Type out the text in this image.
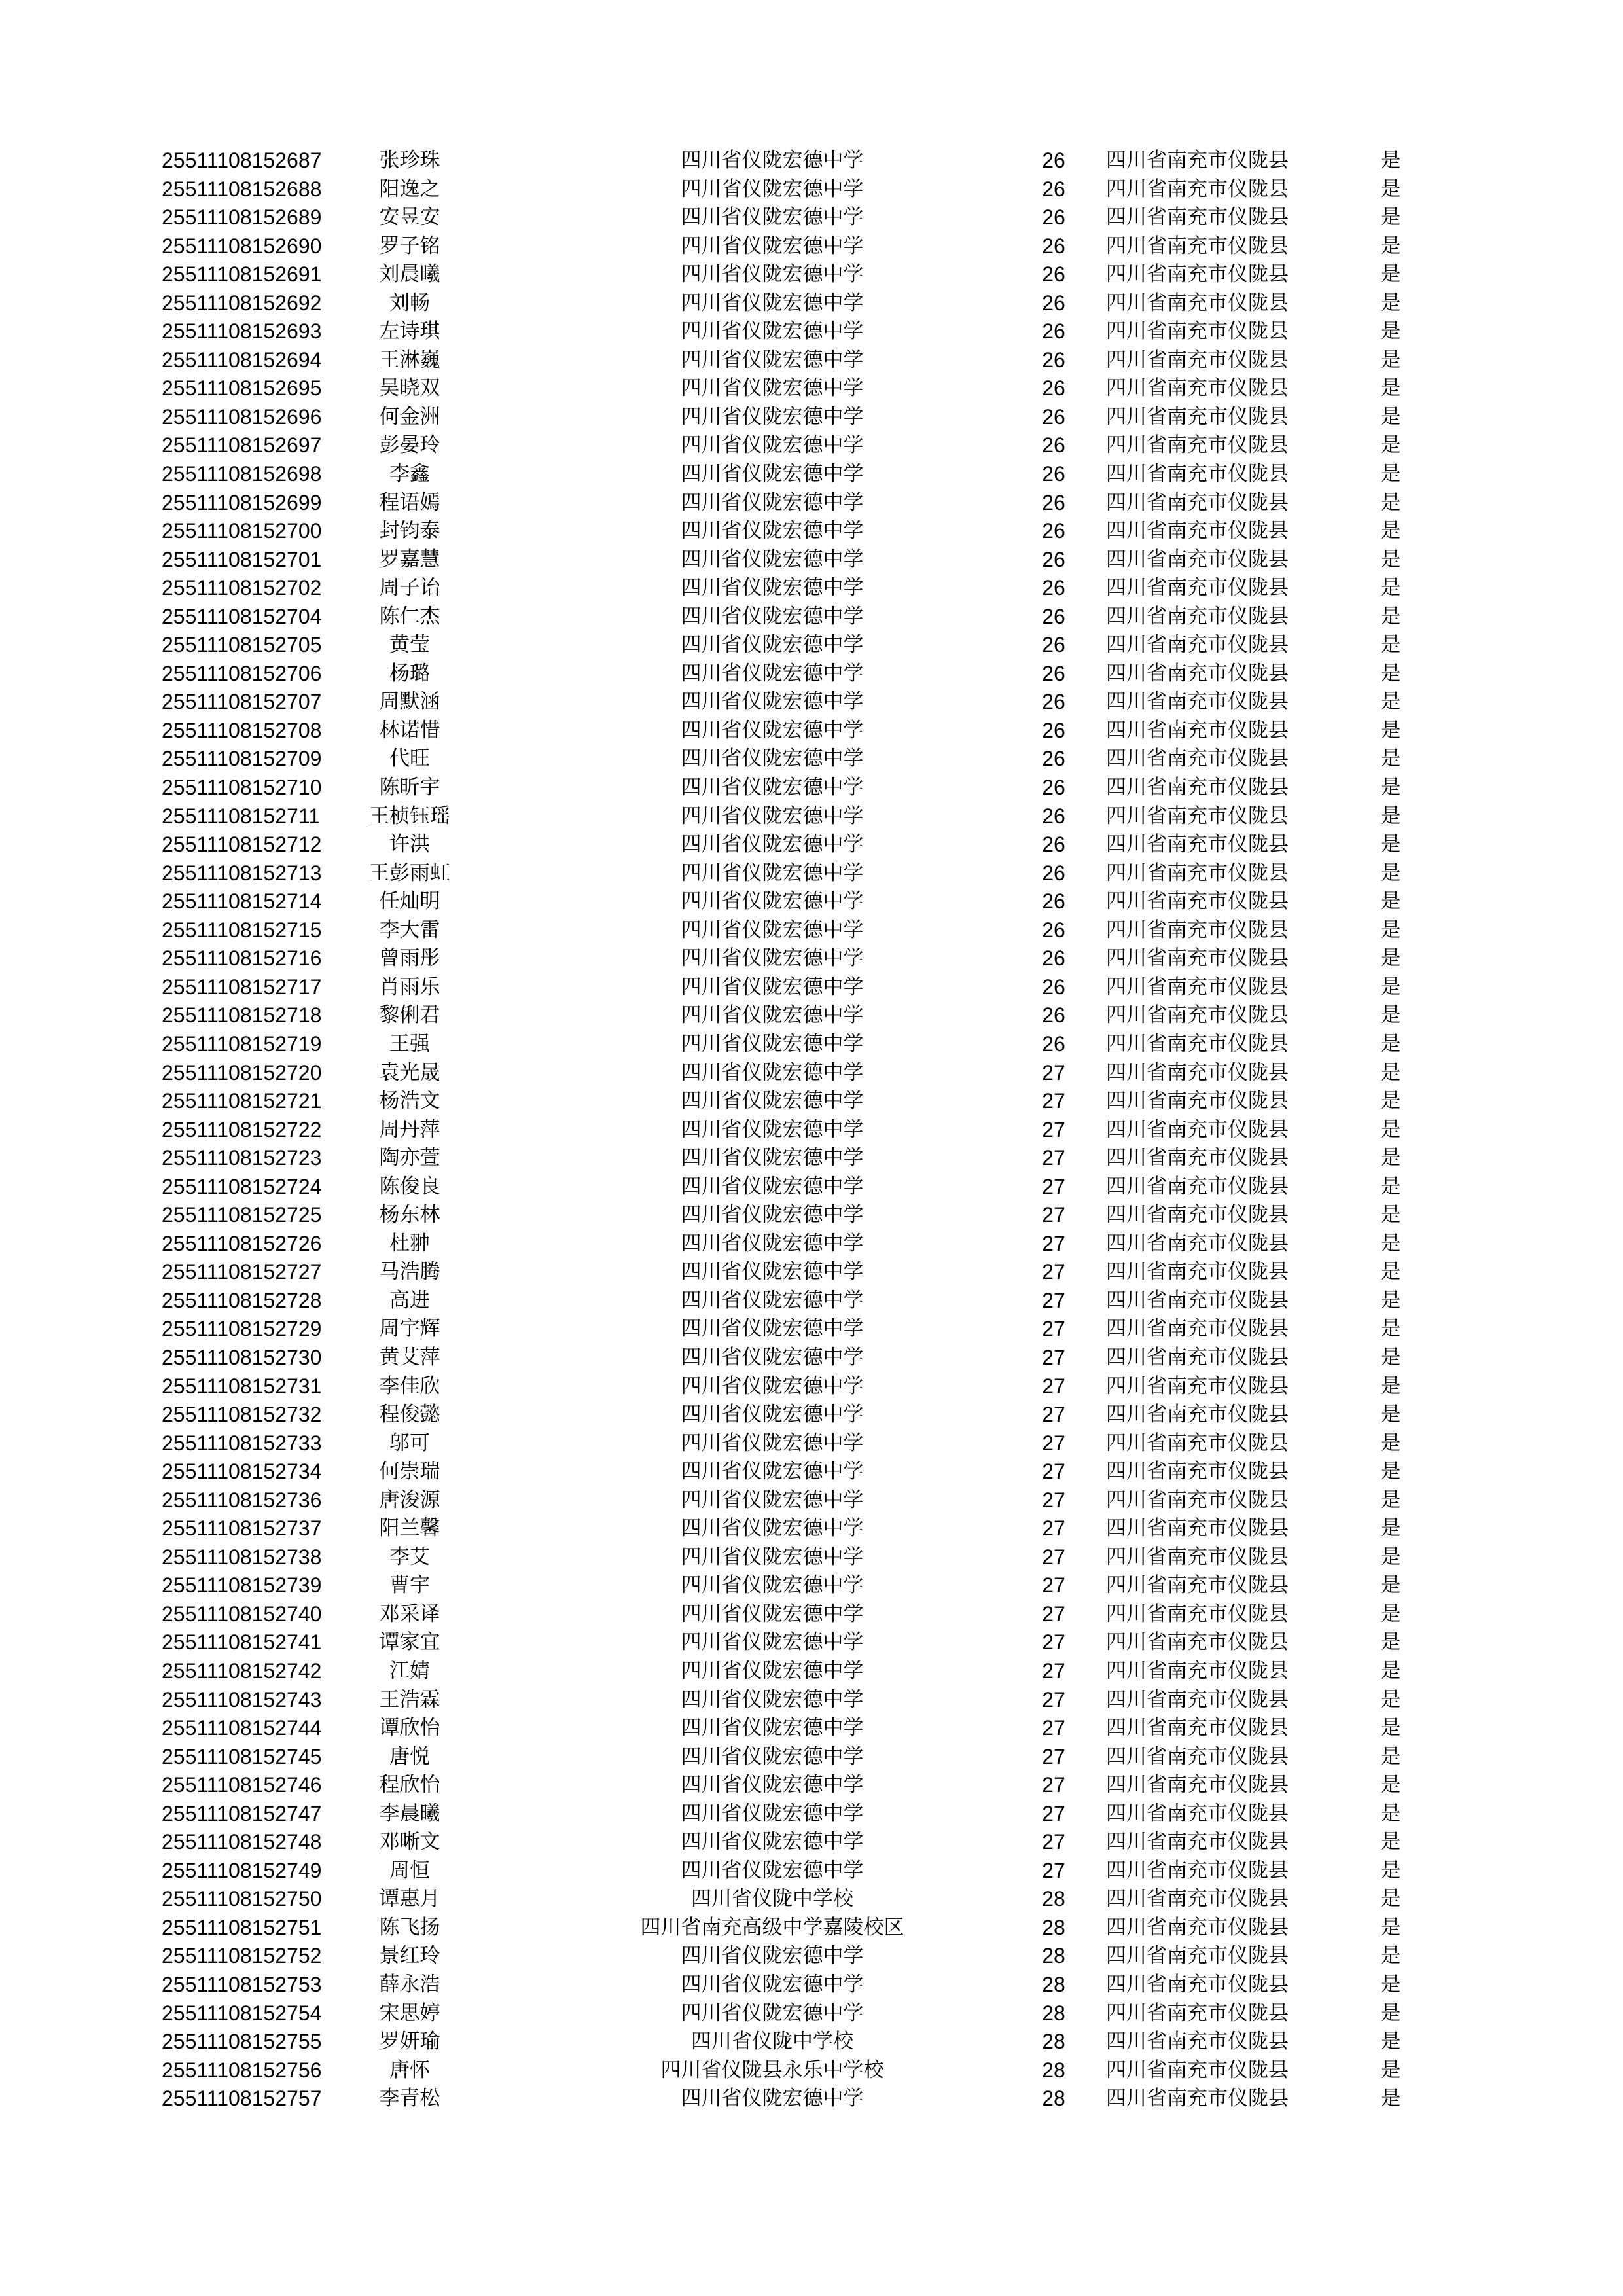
25511108152687	张珍珠	四川省仪陇宏德中学	26	四川省南充市仪陇县	是
25511108152688	阳逸之	四川省仪陇宏德中学	26	四川省南充市仪陇县	是
25511108152689	安昱安	四川省仪陇宏德中学	26	四川省南充市仪陇县	是
25511108152690	罗子铭	四川省仪陇宏德中学	26	四川省南充市仪陇县	是
25511108152691	刘晨曦	四川省仪陇宏德中学	26	四川省南充市仪陇县	是
25511108152692	刘畅	四川省仪陇宏德中学	26	四川省南充市仪陇县	是
25511108152693	左诗琪	四川省仪陇宏德中学	26	四川省南充市仪陇县	是
25511108152694	王淋巍	四川省仪陇宏德中学	26	四川省南充市仪陇县	是
25511108152695	吴晓双	四川省仪陇宏德中学	26	四川省南充市仪陇县	是
25511108152696	何金洲	四川省仪陇宏德中学	26	四川省南充市仪陇县	是
25511108152697	彭晏玲	四川省仪陇宏德中学	26	四川省南充市仪陇县	是
25511108152698	李鑫	四川省仪陇宏德中学	26	四川省南充市仪陇县	是
25511108152699	程语嫣	四川省仪陇宏德中学	26	四川省南充市仪陇县	是
25511108152700	封钧泰	四川省仪陇宏德中学	26	四川省南充市仪陇县	是
25511108152701	罗嘉慧	四川省仪陇宏德中学	26	四川省南充市仪陇县	是
25511108152702	周子诒	四川省仪陇宏德中学	26	四川省南充市仪陇县	是
25511108152704	陈仁杰	四川省仪陇宏德中学	26	四川省南充市仪陇县	是
25511108152705	黄莹	四川省仪陇宏德中学	26	四川省南充市仪陇县	是
25511108152706	杨璐	四川省仪陇宏德中学	26	四川省南充市仪陇县	是
25511108152707	周默涵	四川省仪陇宏德中学	26	四川省南充市仪陇县	是
25511108152708	林诺惜	四川省仪陇宏德中学	26	四川省南充市仪陇县	是
25511108152709	代旺	四川省仪陇宏德中学	26	四川省南充市仪陇县	是
25511108152710	陈昕宇	四川省仪陇宏德中学	26	四川省南充市仪陇县	是
25511108152711	王桢钰瑶	四川省仪陇宏德中学	26	四川省南充市仪陇县	是
25511108152712	许洪	四川省仪陇宏德中学	26	四川省南充市仪陇县	是
25511108152713	王彭雨虹	四川省仪陇宏德中学	26	四川省南充市仪陇县	是
25511108152714	任灿明	四川省仪陇宏德中学	26	四川省南充市仪陇县	是
25511108152715	李大雷	四川省仪陇宏德中学	26	四川省南充市仪陇县	是
25511108152716	曾雨彤	四川省仪陇宏德中学	26	四川省南充市仪陇县	是
25511108152717	肖雨乐	四川省仪陇宏德中学	26	四川省南充市仪陇县	是
25511108152718	黎俐君	四川省仪陇宏德中学	26	四川省南充市仪陇县	是
25511108152719	王强	四川省仪陇宏德中学	26	四川省南充市仪陇县	是
25511108152720	袁光晟	四川省仪陇宏德中学	27	四川省南充市仪陇县	是
25511108152721	杨浩文	四川省仪陇宏德中学	27	四川省南充市仪陇县	是
25511108152722	周丹萍	四川省仪陇宏德中学	27	四川省南充市仪陇县	是
25511108152723	陶亦萱	四川省仪陇宏德中学	27	四川省南充市仪陇县	是
25511108152724	陈俊良	四川省仪陇宏德中学	27	四川省南充市仪陇县	是
25511108152725	杨东林	四川省仪陇宏德中学	27	四川省南充市仪陇县	是
25511108152726	杜翀	四川省仪陇宏德中学	27	四川省南充市仪陇县	是
25511108152727	马浩腾	四川省仪陇宏德中学	27	四川省南充市仪陇县	是
25511108152728	高进	四川省仪陇宏德中学	27	四川省南充市仪陇县	是
25511108152729	周宇辉	四川省仪陇宏德中学	27	四川省南充市仪陇县	是
25511108152730	黄艾萍	四川省仪陇宏德中学	27	四川省南充市仪陇县	是
25511108152731	李佳欣	四川省仪陇宏德中学	27	四川省南充市仪陇县	是
25511108152732	程俊懿	四川省仪陇宏德中学	27	四川省南充市仪陇县	是
25511108152733	邬可	四川省仪陇宏德中学	27	四川省南充市仪陇县	是
25511108152734	何崇瑞	四川省仪陇宏德中学	27	四川省南充市仪陇县	是
25511108152736	唐浚源	四川省仪陇宏德中学	27	四川省南充市仪陇县	是
25511108152737	阳兰馨	四川省仪陇宏德中学	27	四川省南充市仪陇县	是
25511108152738	李艾	四川省仪陇宏德中学	27	四川省南充市仪陇县	是
25511108152739	曹宇	四川省仪陇宏德中学	27	四川省南充市仪陇县	是
25511108152740	邓采译	四川省仪陇宏德中学	27	四川省南充市仪陇县	是
25511108152741	谭家宜	四川省仪陇宏德中学	27	四川省南充市仪陇县	是
25511108152742	江婧	四川省仪陇宏德中学	27	四川省南充市仪陇县	是
25511108152743	王浩霖	四川省仪陇宏德中学	27	四川省南充市仪陇县	是
25511108152744	谭欣怡	四川省仪陇宏德中学	27	四川省南充市仪陇县	是
25511108152745	唐悦	四川省仪陇宏德中学	27	四川省南充市仪陇县	是
25511108152746	程欣怡	四川省仪陇宏德中学	27	四川省南充市仪陇县	是
25511108152747	李晨曦	四川省仪陇宏德中学	27	四川省南充市仪陇县	是
25511108152748	邓晰文	四川省仪陇宏德中学	27	四川省南充市仪陇县	是
25511108152749	周恒	四川省仪陇宏德中学	27	四川省南充市仪陇县	是
25511108152750	谭惠月	四川省仪陇中学校	28	四川省南充市仪陇县	是
25511108152751	陈飞扬	四川省南充高级中学嘉陵校区	28	四川省南充市仪陇县	是
25511108152752	景红玲	四川省仪陇宏德中学	28	四川省南充市仪陇县	是
25511108152753	薛永浩	四川省仪陇宏德中学	28	四川省南充市仪陇县	是
25511108152754	宋思婷	四川省仪陇宏德中学	28	四川省南充市仪陇县	是
25511108152755	罗妍瑜	四川省仪陇中学校	28	四川省南充市仪陇县	是
25511108152756	唐怀	四川省仪陇县永乐中学校	28	四川省南充市仪陇县	是
25511108152757	李青松	四川省仪陇宏德中学	28	四川省南充市仪陇县	是
